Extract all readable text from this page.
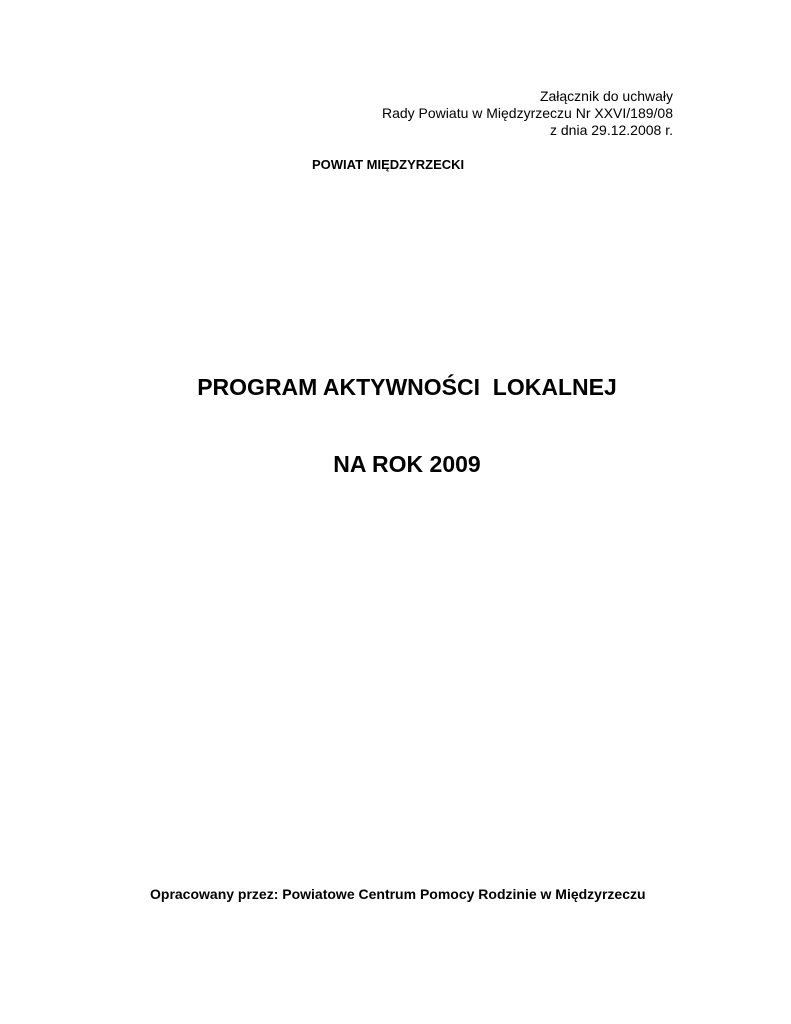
Załącznik do uchwały
Rady Powiatu w Międzyrzeczu Nr XXVI/189/08
z dnia 29.12.2008 r.
POWIAT MIĘDZYRZECKI
PROGRAM AKTYWNOŚCI  LOKALNEJ
NA ROK 2009
Opracowany przez: Powiatowe Centrum Pomocy Rodzinie w Międzyrzeczu
